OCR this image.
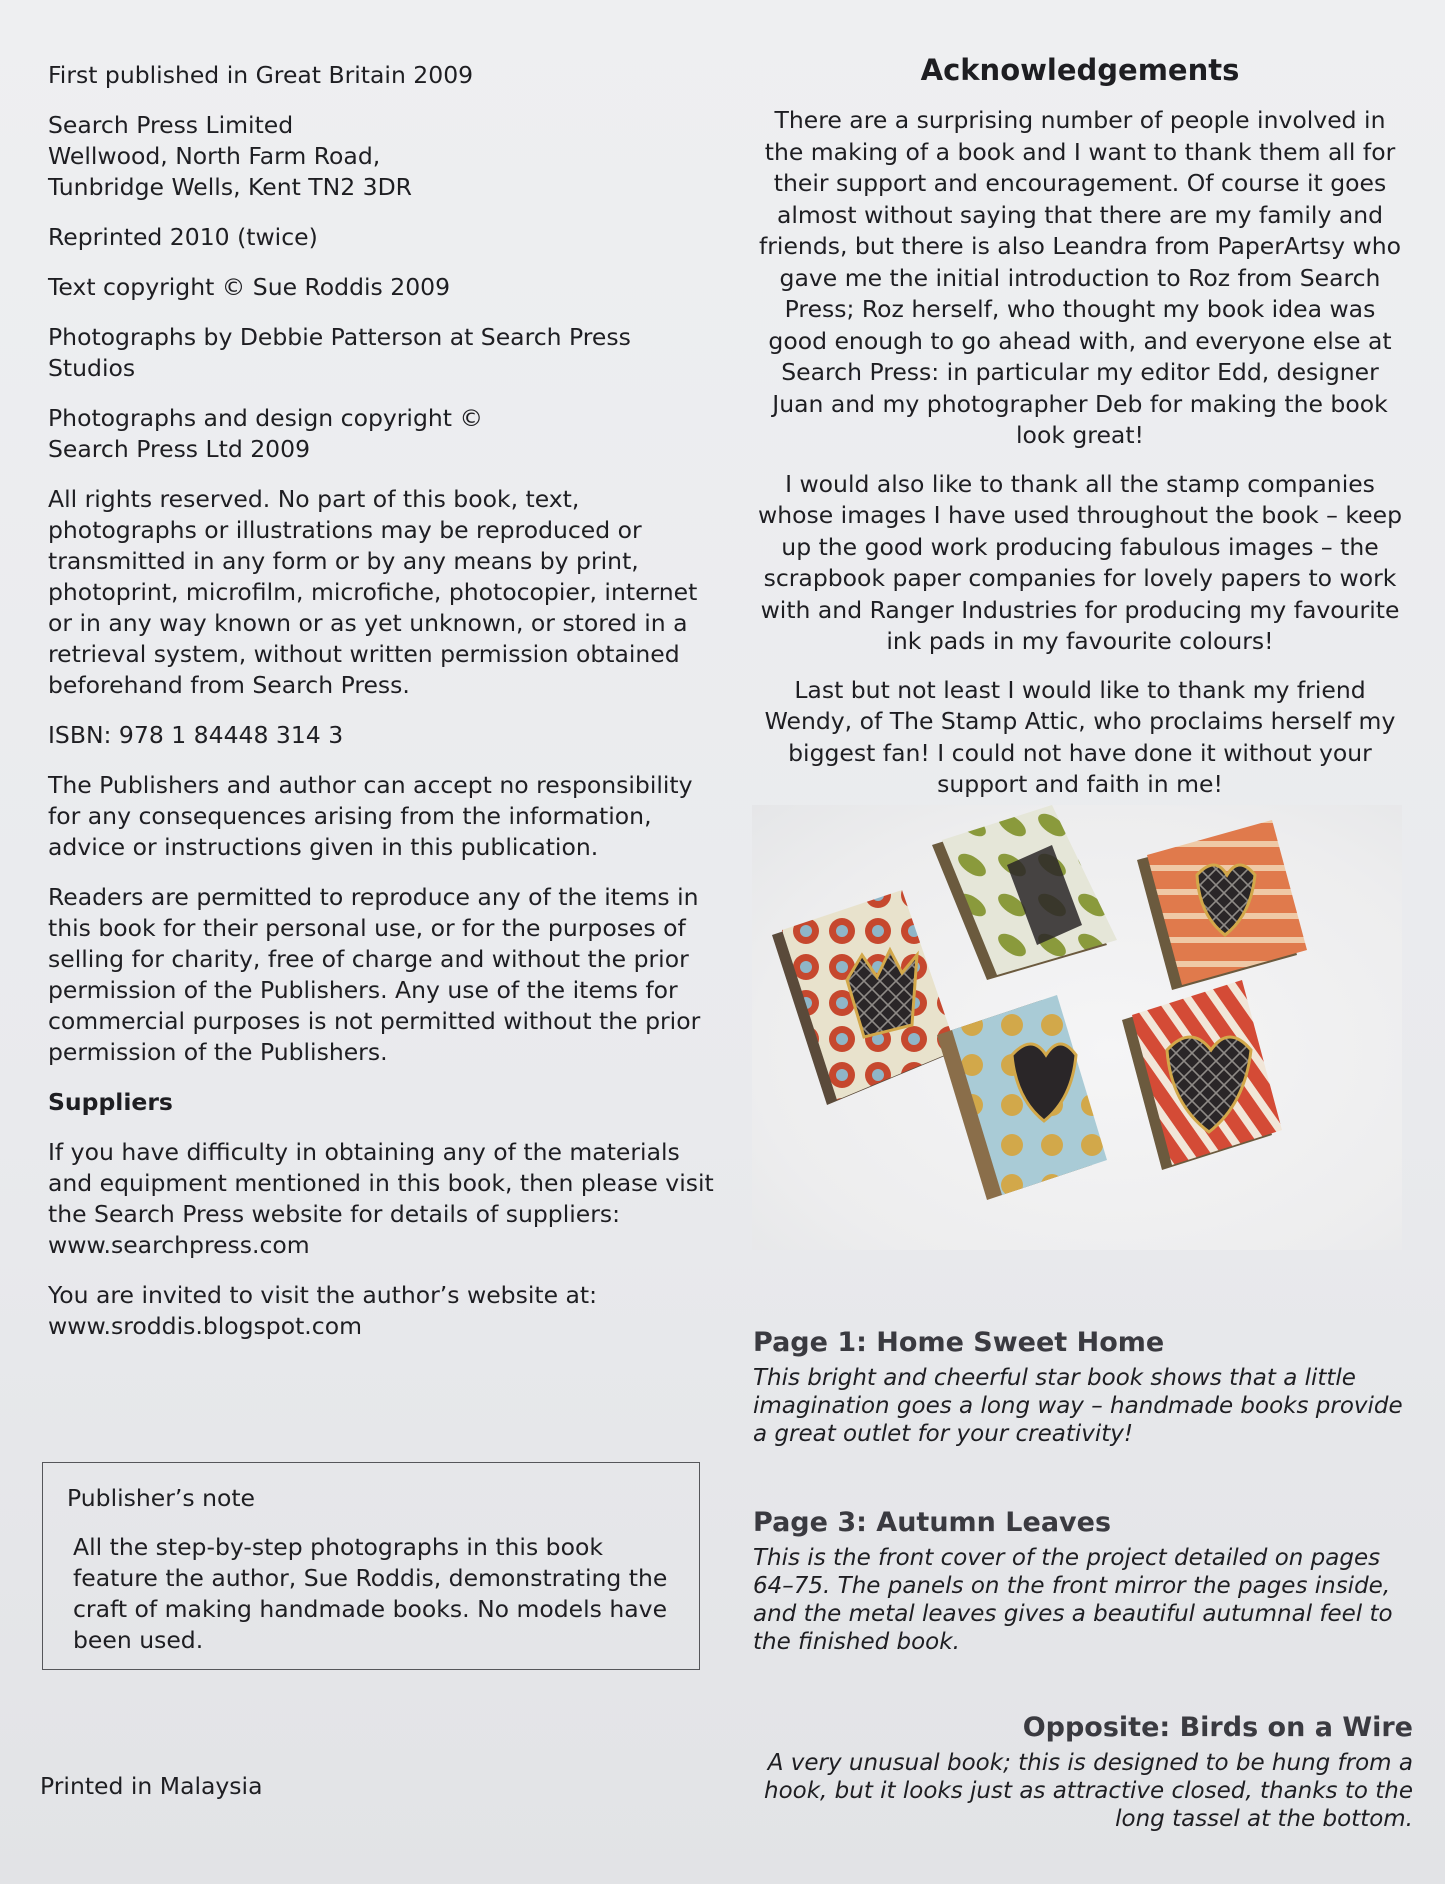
First published in Great Britain 2009

Search Press Limited
Wellwood, North Farm Road,
Tunbridge Wells, Kent TN2 3DR

Reprinted 2010 (twice)

Text copyright © Sue Roddis 2009

Photographs by Debbie Patterson at Search Press Studios

Photographs and design copyright ©
Search Press Ltd 2009

All rights reserved. No part of this book, text, photographs or illustrations may be reproduced or transmitted in any form or by any means by print, photoprint, microfilm, microfiche, photocopier, internet or in any way known or as yet unknown, or stored in a retrieval system, without written permission obtained beforehand from Search Press.

ISBN: 978 1 84448 314 3

The Publishers and author can accept no responsibility for any consequences arising from the information, advice or instructions given in this publication.

Readers are permitted to reproduce any of the items in this book for their personal use, or for the purposes of selling for charity, free of charge and without the prior permission of the Publishers. Any use of the items for commercial purposes is not permitted without the prior permission of the Publishers.

Suppliers

If you have difficulty in obtaining any of the materials and equipment mentioned in this book, then please visit the Search Press website for details of suppliers:
www.searchpress.com

You are invited to visit the author’s website at:
www.sroddis.blogspot.com

Acknowledgements

There are a surprising number of people involved in the making of a book and I want to thank them all for their support and encouragement. Of course it goes almost without saying that there are my family and friends, but there is also Leandra from PaperArtsy who gave me the initial introduction to Roz from Search Press; Roz herself, who thought my book idea was good enough to go ahead with, and everyone else at Search Press: in particular my editor Edd, designer Juan and my photographer Deb for making the book look great!

I would also like to thank all the stamp companies whose images I have used throughout the book – keep up the good work producing fabulous images – the scrapbook paper companies for lovely papers to work with and Ranger Industries for producing my favourite ink pads in my favourite colours!

Last but not least I would like to thank my friend Wendy, of The Stamp Attic, who proclaims herself my biggest fan! I could not have done it without your support and faith in me!

Publisher’s note

All the step-by-step photographs in this book feature the author, Sue Roddis, demonstrating the craft of making handmade books. No models have been used.

Printed in Malaysia

Page 1: Home Sweet Home

This bright and cheerful star book shows that a little imagination goes a long way – handmade books provide a great outlet for your creativity!

Page 3: Autumn Leaves

This is the front cover of the project detailed on pages 64–75. The panels on the front mirror the pages inside, and the metal leaves gives a beautiful autumnal feel to the finished book.

Opposite: Birds on a Wire

A very unusual book; this is designed to be hung from a hook, but it looks just as attractive closed, thanks to the long tassel at the bottom.
